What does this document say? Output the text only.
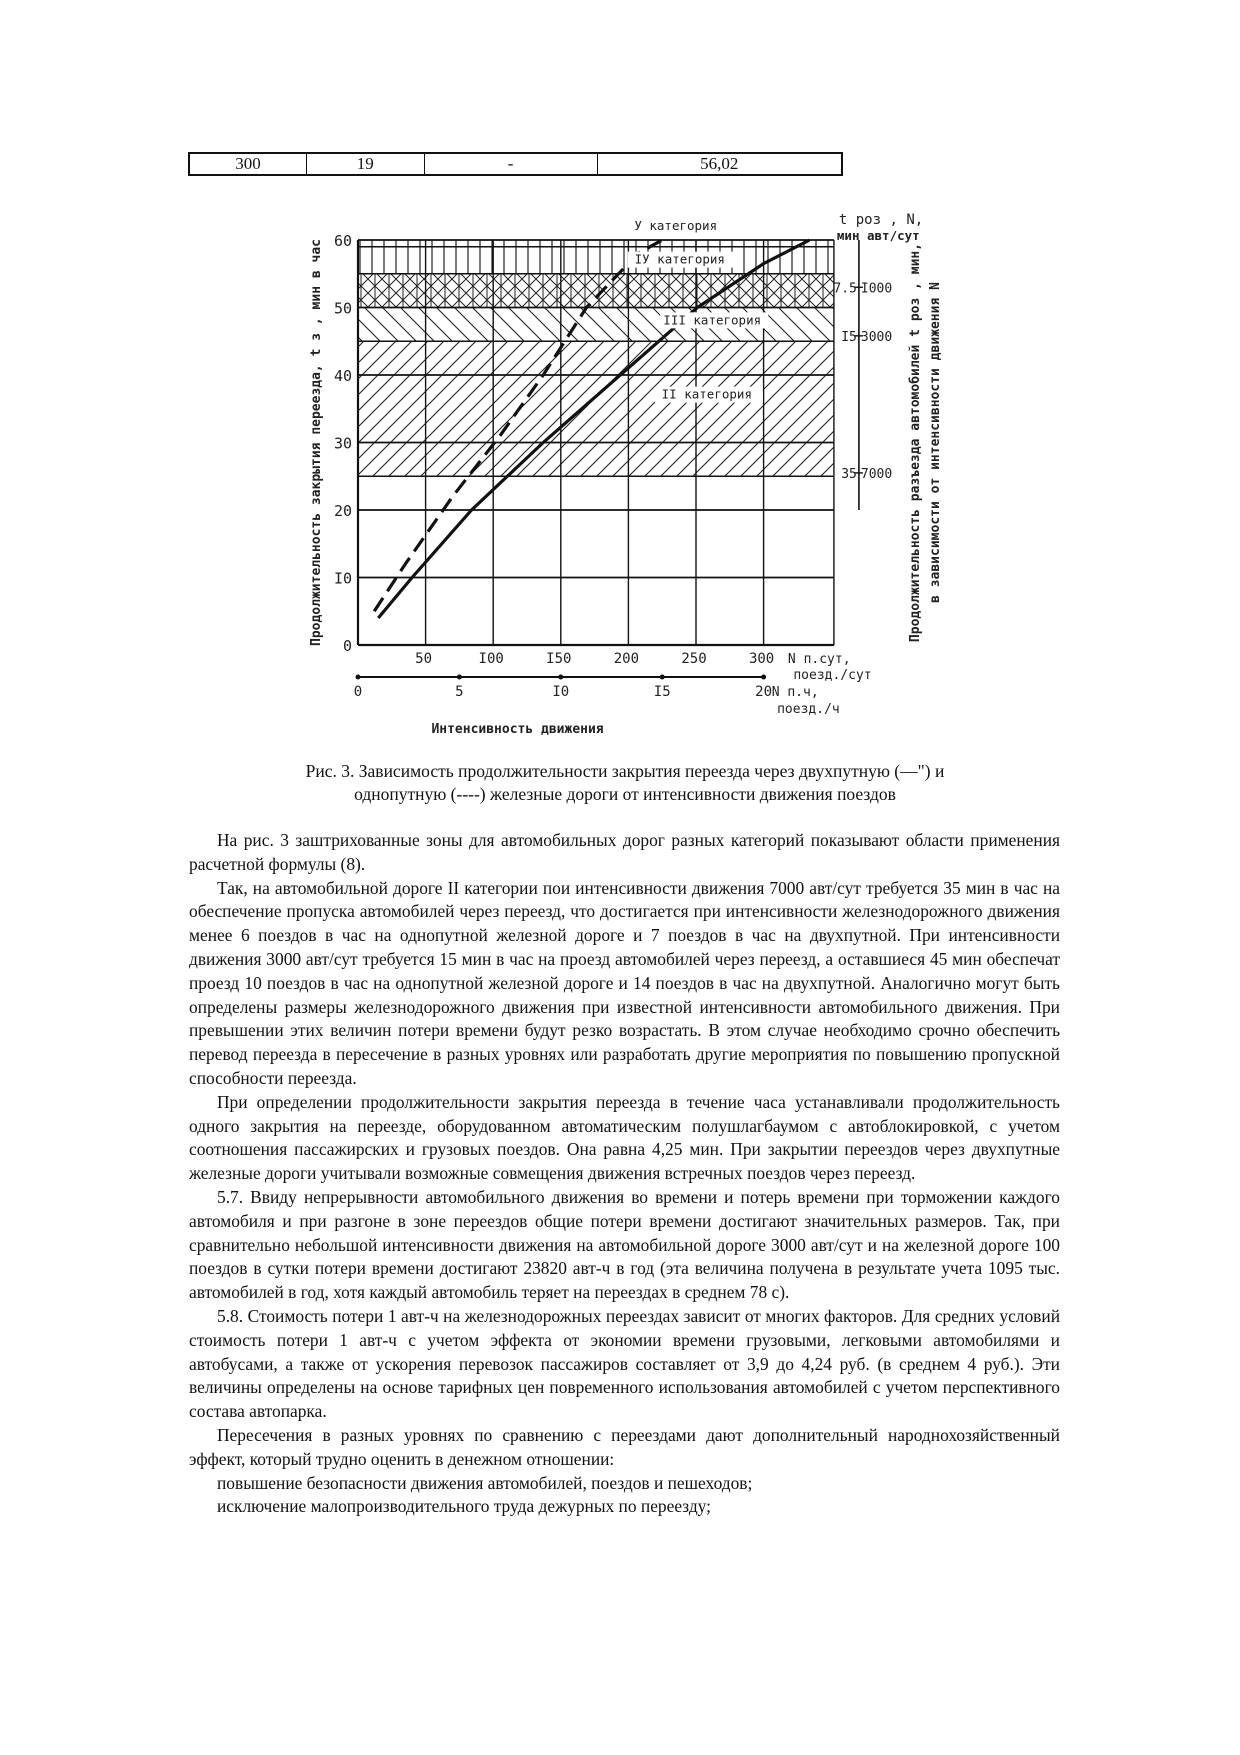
300	19	-	56,02
0
I0
20
30
40
50
60
50	I00	I50	200	250	300 N п.сут,
поезд./сут
0	5	I0	I5	20 N п.ч,
поезд./ч
Интенсивность движения
Продолжительность закрытия переезда, t з , мин в час
У категория
IУ категория
III категория
II категория
t роз , N,
мин авт/сут
7.5 I000
I5 3000
35 7000 Продолжительность разъезда автомобилей t роз , мин, в зависимости от интенсивности движения N
Рис. 3. Зависимость продолжительности закрытия переезда через двухпутную (—") и
однопутную (----) железные дороги от интенсивности движения поездов

На рис. 3 заштрихованные зоны для автомобильных дорог разных категорий показывают области применения расчетной формулы (8).

Так, на автомобильной дороге II категории пои интенсивности движения 7000 авт/сут требуется 35 мин в час на обеспечение пропуска автомобилей через переезд, что достигается при интенсивности железнодорожного движения менее 6 поездов в час на однопутной железной дороге и 7 поездов в час на двухпутной. При интенсивности движения 3000 авт/сут требуется 15 мин в час на проезд автомобилей через переезд, а оставшиеся 45 мин обеспечат проезд 10 поездов в час на однопутной железной дороге и 14 поездов в час на двухпутной. Аналогично могут быть определены размеры железнодорожного движения при известной интенсивности автомобильного движения. При превышении этих величин потери времени будут резко возрастать. В этом случае необходимо срочно обеспечить перевод переезда в пересечение в разных уровнях или разработать другие мероприятия по повышению пропускной способности переезда.

При определении продолжительности закрытия переезда в течение часа устанавливали продолжительность одного закрытия на переезде, оборудованном автоматическим полушлагбаумом с автоблокировкой, с учетом соотношения пассажирских и грузовых поездов. Она равна 4,25 мин. При закрытии переездов через двухпутные железные дороги учитывали возможные совмещения движения встречных поездов через переезд.

5.7. Ввиду непрерывности автомобильного движения во времени и потерь времени при торможении каждого автомобиля и при разгоне в зоне переездов общие потери времени достигают значительных размеров. Так, при сравнительно небольшой интенсивности движения на автомобильной дороге 3000 авт/сут и на железной дороге 100 поездов в сутки потери времени достигают 23820 авт-ч в год (эта величина получена в результате учета 1095 тыс. автомобилей в год, хотя каждый автомобиль теряет на переездах в среднем 78 с).

5.8. Стоимость потери 1 авт-ч на железнодорожных переездах зависит от многих факторов. Для средних условий стоимость потери 1 авт-ч с учетом эффекта от экономии времени грузовыми, легковыми автомобилями и автобусами, а также от ускорения перевозок пассажиров составляет от 3,9 до 4,24 руб. (в среднем 4 руб.). Эти величины определены на основе тарифных цен повременного использования автомобилей с учетом перспективного состава автопарка.

Пересечения в разных уровнях по сравнению с переездами дают дополнительный народнохозяйственный эффект, который трудно оценить в денежном отношении:

повышение безопасности движения автомобилей, поездов и пешеходов;

исключение малопроизводительного труда дежурных по переезду;
